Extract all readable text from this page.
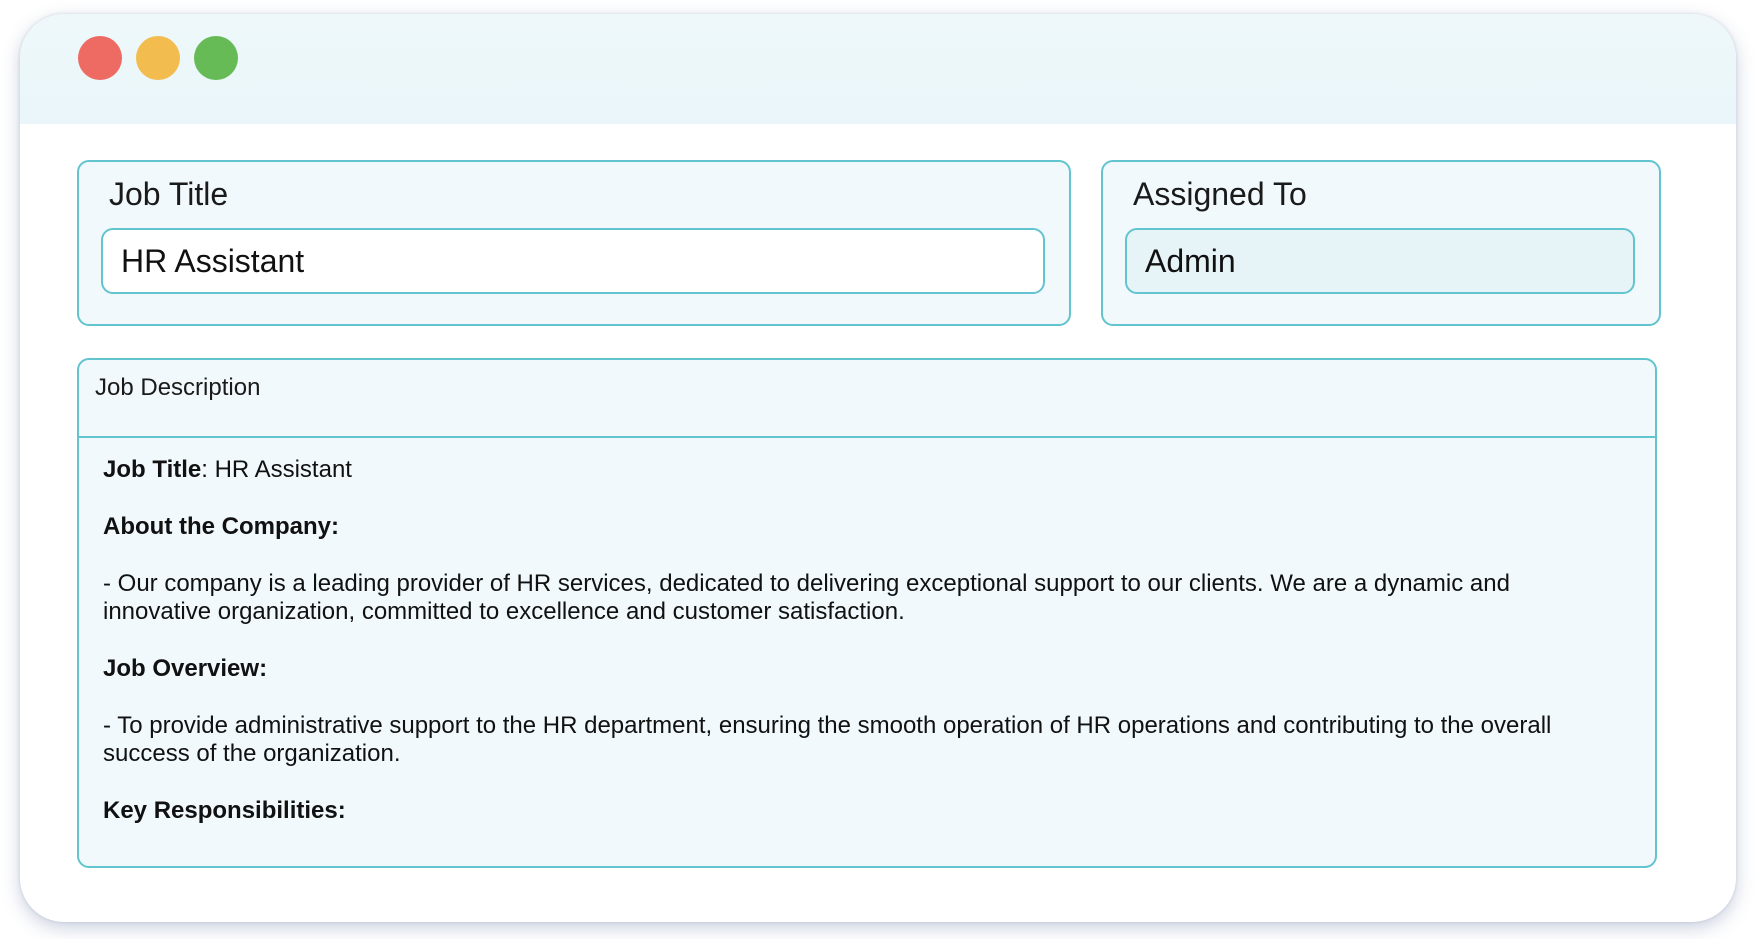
Job Title
HR Assistant
Assigned To
Admin
Job Description

Job Title: HR Assistant

About the Company:

- Our company is a leading provider of HR services, dedicated to delivering exceptional support to our clients. We are a dynamic and innovative organization, committed to excellence and customer satisfaction.

Job Overview:

- To provide administrative support to the HR department, ensuring the smooth operation of HR operations and contributing to the overall success of the organization.

Key Responsibilities:
